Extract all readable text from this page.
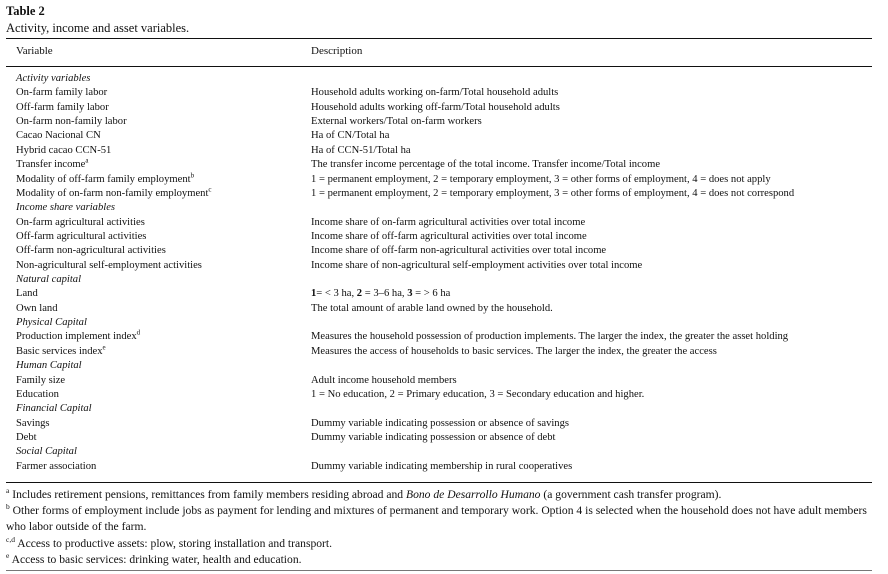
Table 2
Activity, income and asset variables.
Variable	Description
Activity variables
On-farm family labor	Household adults working on-farm/Total household adults
Off-farm family labor	Household adults working off-farm/Total household adults
On-farm non-family labor	External workers/Total on-farm workers
Cacao Nacional CN	Ha of CN/Total ha
Hybrid cacao CCN-51	Ha of CCN-51/Total ha
Transfer income$^a$	The transfer income percentage of the total income. Transfer income/Total income
Modality of off-farm family employment$^b$	1 = permanent employment, 2 = temporary employment, 3 = other forms of employment, 4 = does not apply
Modality of on-farm non-family employment$^c$	1 = permanent employment, 2 = temporary employment, 3 = other forms of employment, 4 = does not correspond
Income share variables
On-farm agricultural activities	Income share of on-farm agricultural activities over total income
Off-farm agricultural activities	Income share of off-farm agricultural activities over total income
Off-farm non-agricultural activities	Income share of off-farm non-agricultural activities over total income
Non-agricultural self-employment activities	Income share of non-agricultural self-employment activities over total income
Natural capital
Land	1= < 3 ha, 2 = 3–6 ha, 3 = > 6 ha
Own land	The total amount of arable land owned by the household.
Physical Capital
Production implement index$^d$	Measures the household possession of production implements. The larger the index, the greater the asset holding
Basic services index$^e$	Measures the access of households to basic services. The larger the index, the greater the access
Human Capital
Family size	Adult income household members
Education	1 = No education, 2 = Primary education, 3 = Secondary education and higher.
Financial Capital
Savings	Dummy variable indicating possession or absence of savings
Debt	Dummy variable indicating possession or absence of debt
Social Capital
Farmer association	Dummy variable indicating membership in rural cooperatives

$^a$ Includes retirement pensions, remittances from family members residing abroad and Bono de Desarrollo Humano (a government cash transfer program).

$^b$ Other forms of employment include jobs as payment for lending and mixtures of permanent and temporary work. Option 4 is selected when the household does not have adult members who labor outside of the farm.

$^{c,d}$ Access to productive assets: plow, storing installation and transport.

$^e$ Access to basic services: drinking water, health and education.
